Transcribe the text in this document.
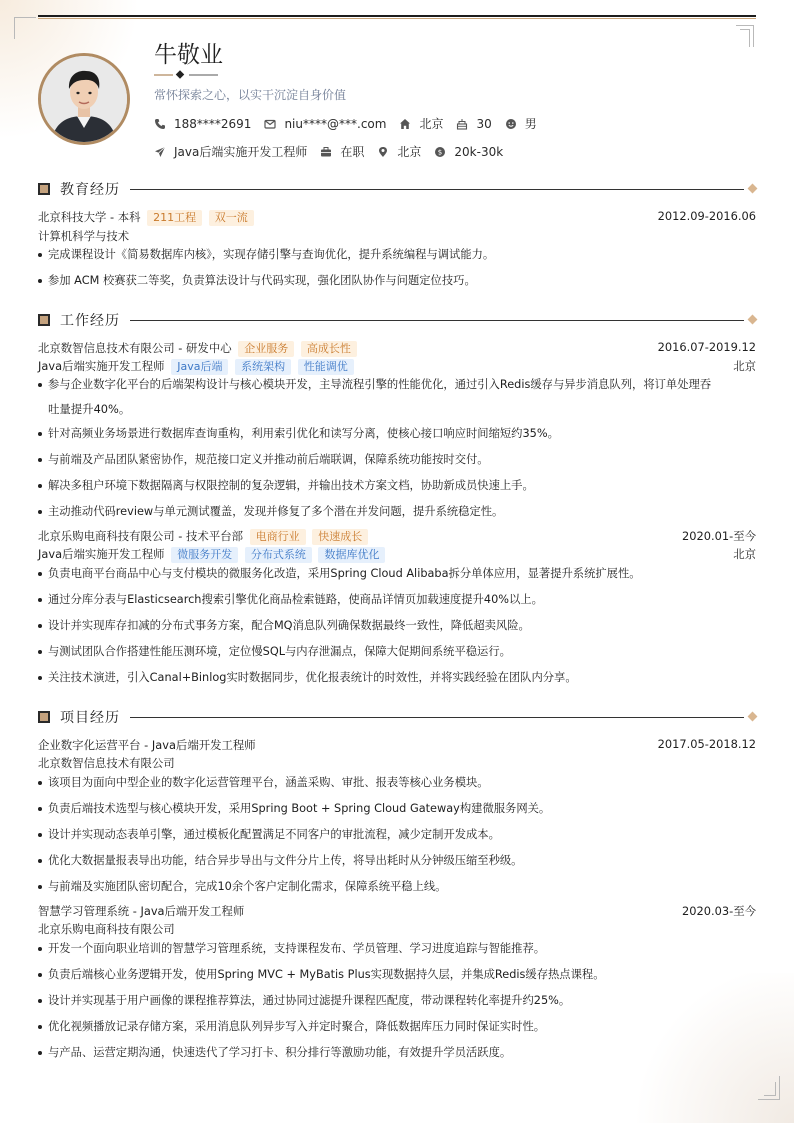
牛敬业
常怀探索之心，以实干沉淀自身价值
188****2691	niu****@***.com	北京	30	男
Java后端实施开发工程师	在职	北京 $ 20k-30k
教育经历
北京科技大学 - 本科 211工程 双一流	2012.09-2016.06
计算机科学与技术
完成课程设计《简易数据库内核》，实现存储引擎与查询优化，提升系统编程与调试能力。
参加 ACM 校赛获二等奖，负责算法设计与代码实现，强化团队协作与问题定位技巧。
工作经历
北京数智信息技术有限公司 - 研发中心 企业服务 高成长性	2016.07-2019.12
Java后端实施开发工程师 Java后端 系统架构 性能调优	北京
参与企业数字化平台的后端架构设计与核心模块开发，主导流程引擎的性能优化，通过引入Redis缓存与异步消息队列，将订单处理吞
吐量提升40%。
针对高频业务场景进行数据库查询重构，利用索引优化和读写分离，使核心接口响应时间缩短约35%。
与前端及产品团队紧密协作，规范接口定义并推动前后端联调，保障系统功能按时交付。
解决多租户环境下数据隔离与权限控制的复杂逻辑，并输出技术方案文档，协助新成员快速上手。
主动推动代码review与单元测试覆盖，发现并修复了多个潜在并发问题，提升系统稳定性。
北京乐购电商科技有限公司 - 技术平台部 电商行业 快速成长	2020.01-至今
Java后端实施开发工程师 微服务开发 分布式系统 数据库优化	北京
负责电商平台商品中心与支付模块的微服务化改造，采用Spring Cloud Alibaba拆分单体应用，显著提升系统扩展性。
通过分库分表与Elasticsearch搜索引擎优化商品检索链路，使商品详情页加载速度提升40%以上。
设计并实现库存扣减的分布式事务方案，配合MQ消息队列确保数据最终一致性，降低超卖风险。
与测试团队合作搭建性能压测环境，定位慢SQL与内存泄漏点，保障大促期间系统平稳运行。
关注技术演进，引入Canal+Binlog实时数据同步，优化报表统计的时效性，并将实践经验在团队内分享。
项目经历
企业数字化运营平台 - Java后端开发工程师	2017.05-2018.12
北京数智信息技术有限公司
该项目为面向中型企业的数字化运营管理平台，涵盖采购、审批、报表等核心业务模块。
负责后端技术选型与核心模块开发，采用Spring Boot + Spring Cloud Gateway构建微服务网关。
设计并实现动态表单引擎，通过模板化配置满足不同客户的审批流程，减少定制开发成本。
优化大数据量报表导出功能，结合异步导出与文件分片上传，将导出耗时从分钟级压缩至秒级。
与前端及实施团队密切配合，完成10余个客户定制化需求，保障系统平稳上线。
智慧学习管理系统 - Java后端开发工程师	2020.03-至今
北京乐购电商科技有限公司
开发一个面向职业培训的智慧学习管理系统，支持课程发布、学员管理、学习进度追踪与智能推荐。
负责后端核心业务逻辑开发，使用Spring MVC + MyBatis Plus实现数据持久层，并集成Redis缓存热点课程。
设计并实现基于用户画像的课程推荐算法，通过协同过滤提升课程匹配度，带动课程转化率提升约25%。
优化视频播放记录存储方案，采用消息队列异步写入并定时聚合，降低数据库压力同时保证实时性。
与产品、运营定期沟通，快速迭代了学习打卡、积分排行等激励功能，有效提升学员活跃度。
